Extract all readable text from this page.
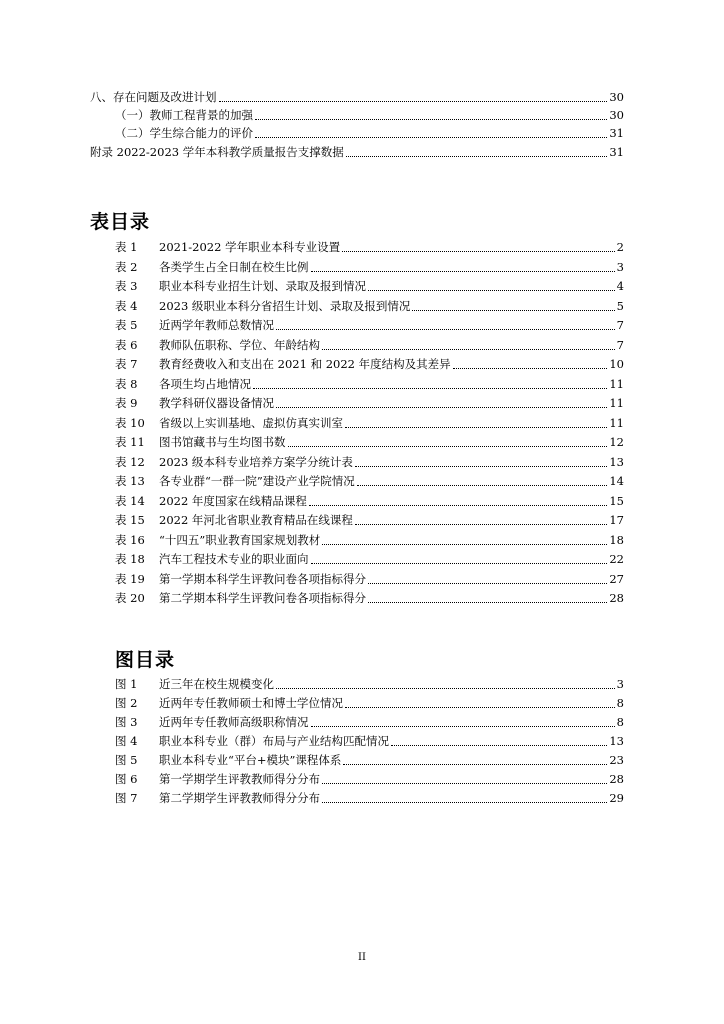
八、存在问题及改进计划	30
（一）教师工程背景的加强	30
（二）学生综合能力的评价	31
附录 2022-2023 学年本科教学质量报告支撑数据	31
表目录
表 1	2021-2022 学年职业本科专业设置	2
表 2	各类学生占全日制在校生比例	3
表 3	职业本科专业招生计划、录取及报到情况	4
表 4	2023 级职业本科分省招生计划、录取及报到情况	5
表 5	近两学年教师总数情况	7
表 6	教师队伍职称、学位、年龄结构	7
表 7	教育经费收入和支出在 2021 和 2022 年度结构及其差异	10
表 8	各项生均占地情况	11
表 9	教学科研仪器设备情况	11
表 10	省级以上实训基地、虚拟仿真实训室	11
表 11	图书馆藏书与生均图书数	12
表 12	2023 级本科专业培养方案学分统计表	13
表 13	各专业群“一群一院”建设产业学院情况	14
表 14	2022 年度国家在线精品课程	15
表 15	2022 年河北省职业教育精品在线课程	17
表 16	“十四五”职业教育国家规划教材	18
表 18	汽车工程技术专业的职业面向	22
表 19	第一学期本科学生评教问卷各项指标得分	27
表 20	第二学期本科学生评教问卷各项指标得分	28
图目录
图 1	近三年在校生规模变化	3
图 2	近两年专任教师硕士和博士学位情况	8
图 3	近两年专任教师高级职称情况	8
图 4	职业本科专业（群）布局与产业结构匹配情况	13
图 5	职业本科专业“平台+模块”课程体系	23
图 6	第一学期学生评教教师得分分布	28
图 7	第二学期学生评教教师得分分布	29
II
